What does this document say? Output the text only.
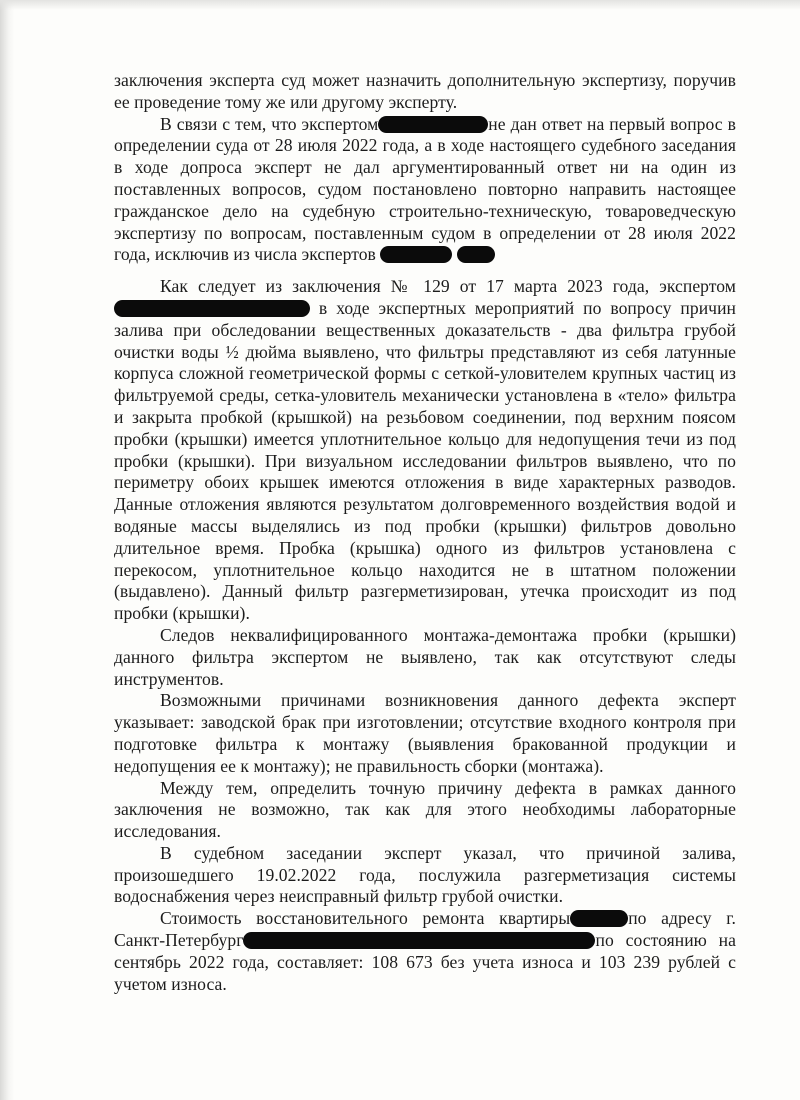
заключения эксперта суд может назначить дополнительную экспертизу, поручив ее проведение тому же или другому эксперту.

В связи с тем, что экспертом	не дан ответ на первый вопрос в определении суда от 28 июля 2022 года, а в ходе настоящего судебного заседания в ходе допроса эксперт не дал аргументированный ответ ни на один из поставленных вопросов, судом постановлено повторно направить настоящее гражданское дело на судебную строительно-техническую, товароведческую экспертизу по вопросам, поставленным судом в определении от 28 июля 2022 года, исключив из числа экспертов

Как следует из заключения № 129 от 17 марта 2023 года, экспертом  в ходе экспертных мероприятий по вопросу причин залива при обследовании вещественных доказательств - два фильтра грубой очистки воды ½ дюйма выявлено, что фильтры представляют из себя латунные корпуса сложной геометрической формы с сеткой-уловителем крупных частиц из фильтруемой среды, сетка-уловитель механически установлена в «тело» фильтра и закрыта пробкой (крышкой) на резьбовом соединении, под верхним поясом пробки (крышки) имеется уплотнительное кольцо для недопущения течи из под пробки (крышки). При визуальном исследовании фильтров выявлено, что по периметру обоих крышек имеются отложения в виде характерных разводов. Данные отложения являются результатом долговременного воздействия водой и водяные массы выделялись из под пробки (крышки) фильтров довольно длительное время. Пробка (крышка) одного из фильтров установлена с перекосом, уплотнительное кольцо находится не в штатном положении (выдавлено). Данный фильтр разгерметизирован, утечка происходит из под пробки (крышки).

Следов неквалифицированного монтажа-демонтажа пробки (крышки) данного фильтра экспертом не выявлено, так как отсутствуют следы инструментов.

Возможными причинами возникновения данного дефекта эксперт указывает: заводской брак при изготовлении; отсутствие входного контроля при подготовке фильтра к монтажу (выявления бракованной продукции и недопущения ее к монтажу); не правильность сборки (монтажа).

Между тем, определить точную причину дефекта в рамках данного заключения не возможно, так как для этого необходимы лабораторные исследования.

В судебном заседании эксперт указал, что причиной залива, произошедшего 19.02.2022 года, послужила разгерметизация системы водоснабжения через неисправный фильтр грубой очистки.

Стоимость восстановительного ремонта квартиры	по адресу г. Санкт-Петербург	по состоянию на сентябрь 2022 года, составляет: 108 673 без учета износа и 103 239 рублей с учетом износа.
